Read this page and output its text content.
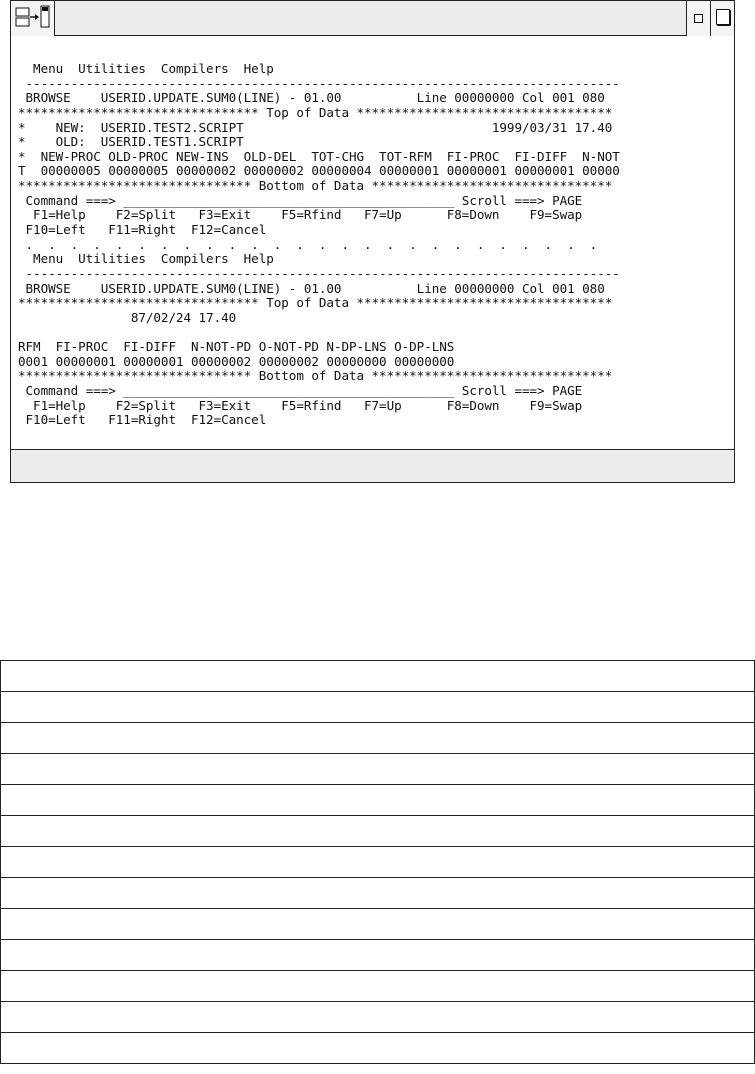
Menu  Utilities  Compilers  Help
-------------------------------------------------------------------------------
BROWSE    USERID.UPDATE.SUM0(LINE) - 01.00          Line 00000000 Col 001 080
******************************** Top of Data **********************************
*    NEW:  USERID.TEST2.SCRIPT                                 1999/03/31 17.40
*    OLD:  USERID.TEST1.SCRIPT
*  NEW-PROC OLD-PROC NEW-INS  OLD-DEL  TOT-CHG  TOT-RFM  FI-PROC  FI-DIFF  N-NOT
T  00000005 00000005 00000002 00000002 00000004 00000001 00000001 00000001 00000
******************************* Bottom of Data ********************************
Command ===> ____________________________________________ Scroll ===> PAGE
F1=Help    F2=Split   F3=Exit    F5=Rfind   F7=Up      F8=Down    F9=Swap
F10=Left   F11=Right  F12=Cancel
.  .  .  .  .  .  .  .  .  .  .  .  .  .  .  .  .  .  .  .  .  .  .  .  .  .
Menu  Utilities  Compilers  Help
-------------------------------------------------------------------------------
BROWSE    USERID.UPDATE.SUM0(LINE) - 01.00          Line 00000000 Col 001 080
******************************** Top of Data **********************************
87/02/24 17.40
RFM  FI-PROC  FI-DIFF  N-NOT-PD O-NOT-PD N-DP-LNS O-DP-LNS
0001 00000001 00000001 00000002 00000002 00000000 00000000
******************************* Bottom of Data ********************************
Command ===> ____________________________________________ Scroll ===> PAGE
F1=Help    F2=Split   F3=Exit    F5=Rfind   F7=Up      F8=Down    F9=Swap
F10=Left   F11=Right  F12=Cancel
